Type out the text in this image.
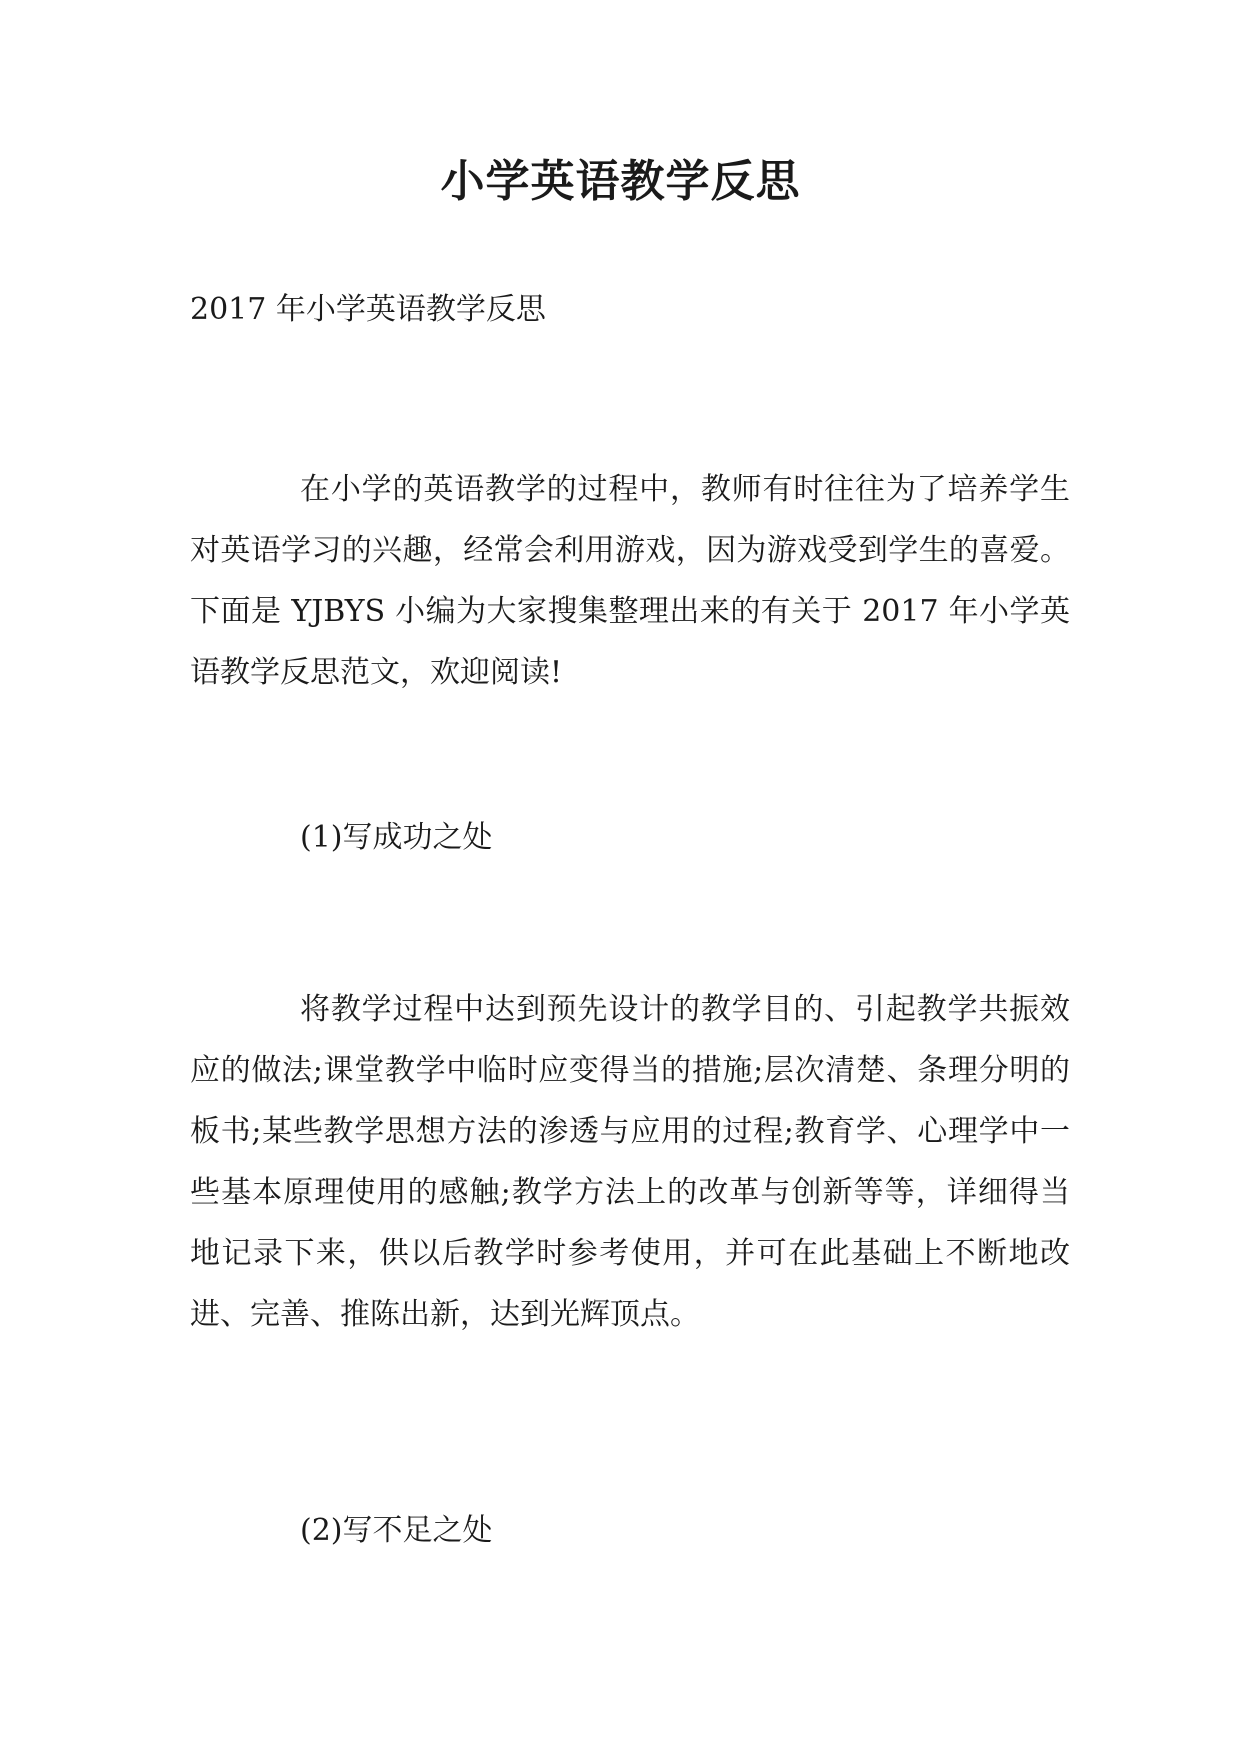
小学英语教学反思

2017 年小学英语教学反思

在小学的英语教学的过程中，教师有时往往为了培养学生对英语学习的兴趣，经常会利用游戏，因为游戏受到学生的喜爱。下面是 YJBYS 小编为大家搜集整理出来的有关于 2017 年小学英语教学反思范文，欢迎阅读!

(1)写成功之处

将教学过程中达到预先设计的教学目的、引起教学共振效应的做法;课堂教学中临时应变得当的措施;层次清楚、条理分明的板书;某些教学思想方法的渗透与应用的过程;教育学、心理学中一些基本原理使用的感触;教学方法上的改革与创新等等，详细得当地记录下来，供以后教学时参考使用，并可在此基础上不断地改进、完善、推陈出新，达到光辉顶点。

(2)写不足之处
